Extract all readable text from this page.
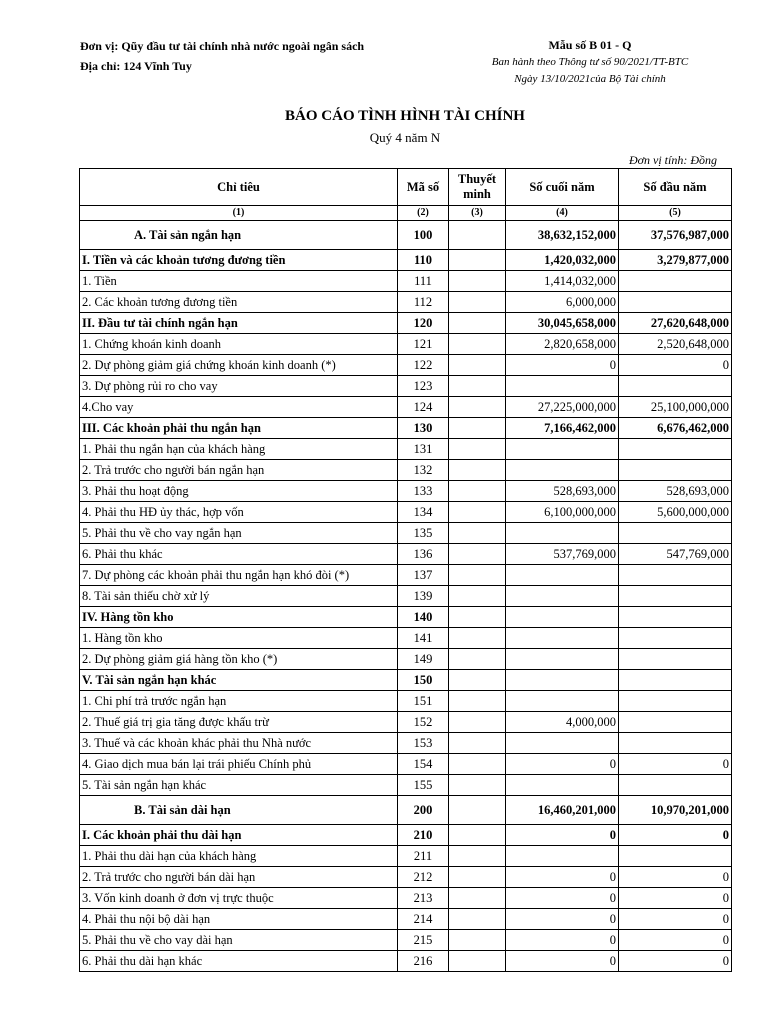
Đơn vị: Qũy đầu tư tài chính nhà nước ngoài ngân sách
Địa chỉ: 124 Vĩnh Tuy
Mẫu số B 01 - Q
Ban hành theo Thông tư số 90/2021/TT-BTC
Ngày 13/10/2021của Bộ Tài chính
BÁO CÁO TÌNH HÌNH TÀI CHÍNH
Quý 4 năm N
Đơn vị tính: Đồng
Chỉ tiêu	Mã số	Thuyết minh	Số cuối năm	Số đầu năm
(1)	(2)	(3)	(4)	(5)
A. Tài sản ngắn hạn	100		38,632,152,000	37,576,987,000
I. Tiền và các khoản tương đương tiền	110		1,420,032,000	3,279,877,000
1. Tiền	111		1,414,032,000	
2. Các khoản tương đương tiền	112		6,000,000	
II. Đầu tư tài chính ngắn hạn	120		30,045,658,000	27,620,648,000
1. Chứng khoán kinh doanh	121		2,820,658,000	2,520,648,000
2. Dự phòng giảm giá chứng khoán kinh doanh (*)	122		0	0
3. Dự phòng rủi ro cho vay	123			
4.Cho vay	124		27,225,000,000	25,100,000,000
III. Các khoản phải thu ngắn hạn	130		7,166,462,000	6,676,462,000
1. Phải thu ngắn hạn của khách hàng	131			
2. Trả trước cho người bán ngắn hạn	132			
3. Phải thu hoạt động	133		528,693,000	528,693,000
4. Phải thu HĐ ủy thác, hợp vốn	134		6,100,000,000	5,600,000,000
5. Phải thu về cho vay ngắn hạn	135			
6. Phải thu khác	136		537,769,000	547,769,000
7. Dự phòng các khoản phải thu ngắn hạn khó đòi (*)	137			
8. Tài sản thiếu chờ xử lý	139			
IV. Hàng tồn kho	140			
1. Hàng tồn kho	141			
2. Dự phòng giảm giá hàng tồn kho (*)	149			
V. Tài sản ngắn hạn khác	150			
1. Chi phí trả trước ngắn hạn	151			
2. Thuế giá trị gia tăng được khấu trừ	152		4,000,000	
3. Thuế và các khoản khác phải thu Nhà nước	153			
4. Giao dịch mua bán lại trái phiếu Chính phủ	154		0	0
5. Tài sản ngắn hạn khác	155			
B. Tài sản dài hạn	200		16,460,201,000	10,970,201,000
I. Các khoản phải thu dài hạn	210		0	0
1. Phải thu dài hạn của khách hàng	211			
2. Trả trước cho người bán dài hạn	212		0	0
3. Vốn kinh doanh ở đơn vị trực thuộc	213		0	0
4. Phải thu nội bộ dài hạn	214		0	0
5. Phải thu về cho vay dài hạn	215		0	0
6. Phải thu dài hạn khác	216		0	0
